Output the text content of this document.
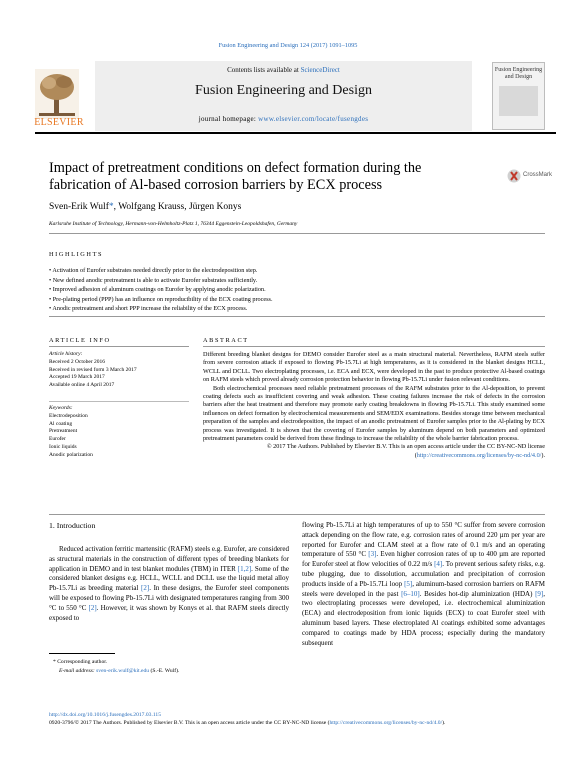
Fusion Engineering and Design 124 (2017) 1091–1095
ELSEVIER
Contents lists available at ScienceDirect
Fusion Engineering and Design
journal homepage: www.elsevier.com/locate/fusengdes
Fusion Engineering and Design
Impact of pretreatment conditions on defect formation during the fabrication of Al-based corrosion barriers by ECX process
CrossMark
Sven-Erik Wulf*, Wolfgang Krauss, Jürgen Konys
Karlsruhe Institute of Technology, Hermann-von-Helmholtz-Platz 1, 76344 Eggenstein-Leopoldshafen, Germany
HIGHLIGHTS
• Activation of Eurofer substrates needed directly prior to the electrodeposition step.
• New defined anodic pretreatment is able to activate Eurofer substrates sufficiently.
• Improved adhesion of aluminum coatings on Eurofer by applying anodic polarization.
• Pre-plating period (PPP) has an influence on reproducibility of the ECX coating process.
• Anodic pretreatment and short PPP increase the reliability of the ECX process.
ARTICLE INFO	ABSTRACT
Article history:
Received 2 October 2016
Received in revised form 3 March 2017
Accepted 19 March 2017
Available online 4 April 2017
Keywords:
Electrodeposition
Al coating
Pretreatment
Eurofer
Ionic liquids
Anodic polarization

Different breeding blanket designs for DEMO consider Eurofer steel as a main structural material. Nevertheless, RAFM steels suffer from severe corrosion attack if exposed to flowing Pb-15.7Li at high temperatures, as it is considered in the blanket designs HCLL, WCLL and DCLL. Two electroplating processes, i.e. ECA and ECX, were developed in the past to produce protective Al-based coatings on RAFM steels which proved already corrosion protection behavior in flowing Pb-15.7Li under fusion relevant conditions.

Both electrochemical processes need reliable pretreatment processes of the RAFM substrates prior to the Al-deposition, to prevent coating defects such as insufficient covering and weak adhesion. These coating failures increase the risk of defects in the corrosion barriers after the heat treatment and therefore may promote early coating breakdowns in flowing Pb-15.7Li. This study examined some influences on defect formation by electrochemical measurements and SEM/EDX examinations. Besides storage time between mechanical preparation of the samples and electrodeposition, the impact of an anodic pretreatment of Eurofer samples prior to the Al-plating by ECX process was investigated. It is shown that the covering of Eurofer samples by aluminum depend on both parameters and optimized pretreatment parameters could be derived from these findings to increase the reliability of the whole barrier fabrication process.

© 2017 The Authors. Published by Elsevier B.V. This is an open access article under the CC BY-NC-ND license (http://creativecommons.org/licenses/by-nc-nd/4.0/).

1. Introduction
Reduced activation ferritic martensitic (RAFM) steels e.g. Eurofer, are considered as structural materials in the construction of different types of breeding blankets for application in DEMO and in test blanket modules (TBM) in ITER [1,2]. Some of the considered blanket designs e.g. HCLL, WCLL and DCLL use the liquid metal alloy Pb-15.7Li as breeding material [2]. In these designs, the Eurofer steel components will be exposed to flowing Pb-15.7Li with designated temperatures ranging from 300 °C to 550 °C [2]. However, it was shown by Konys et al. that RAFM steels directly exposed to
flowing Pb-15.7Li at high temperatures of up to 550 °C suffer from severe corrosion attack depending on the flow rate, e.g. corrosion rates of around 220 µm per year are reported for Eurofer and CLAM steel at a flow rate of 0.1 m/s and an operating temperature of 550 °C [3]. Even higher corrosion rates of up to 400 µm are reported for Eurofer steel at flow velocities of 0.22 m/s [4]. To prevent serious safety risks, e.g. tube plugging, due to dissolution, accumulation and precipitation of corrosion products inside of a Pb-15.7Li loop [5], aluminum-based corrosion barriers on RAFM steels were developed in the past [6–10]. Besides hot-dip aluminization (HDA) [9], two electroplating processes were developed, i.e. electrochemical aluminization (ECA) and electrodeposition from ionic liquids (ECX) to coat Eurofer steel with aluminum based layers. These electroplated Al coatings exhibited some advantages compared to coatings made by HDA process; especially during the mandatory subsequent
* Corresponding author.
E-mail address: sven-erik.wulf@kit.edu (S.-E. Wulf).
http://dx.doi.org/10.1016/j.fusengdes.2017.03.115
0920-3796/© 2017 The Authors. Published by Elsevier B.V. This is an open access article under the CC BY-NC-ND license (http://creativecommons.org/licenses/by-nc-nd/4.0/).
